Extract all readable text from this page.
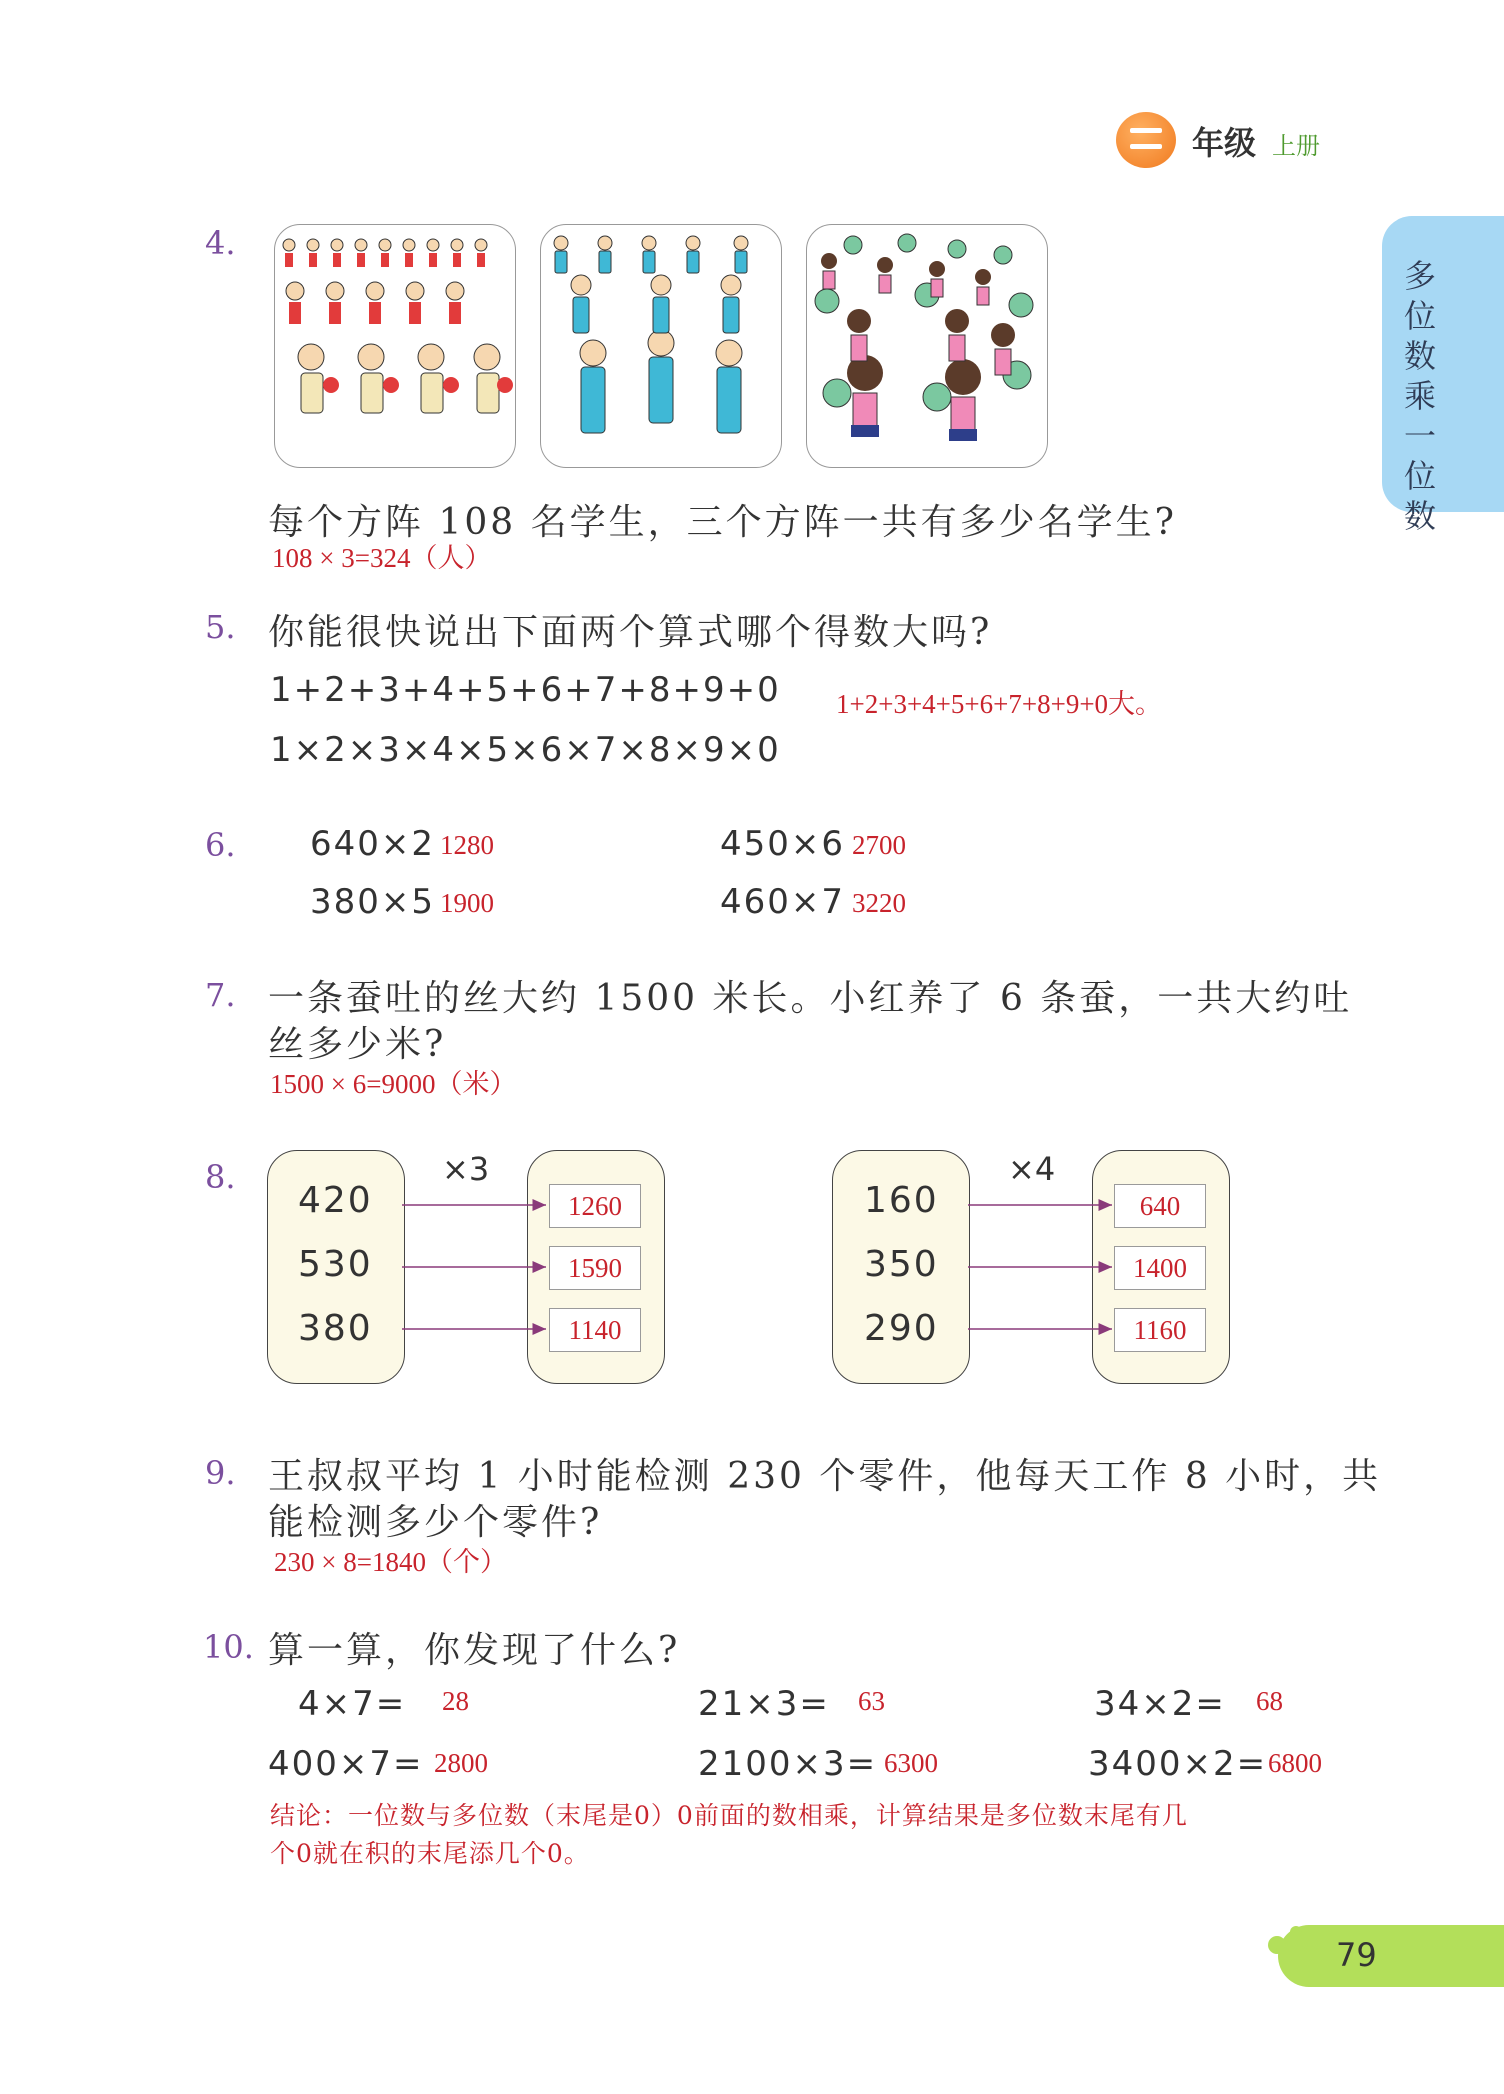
年级 上册
多位数乘一位数
4.
每个方阵 108 名学生，三个方阵一共有多少名学生?
108 × 3=324（人）
5. 你能很快说出下面两个算式哪个得数大吗?
1+2+3+4+5+6+7+8+9+0 1+2+3+4+5+6+7+8+9+0大。
1×2×3×4×5×6×7×8×9×0
6. 640×2 1280	450×6 2700
380×5 1900	460×7 3220
7. 一条蚕吐的丝大约 1500 米长。小红养了 6 条蚕，一共大约吐
丝多少米?
1500 × 6=9000（米）
8.	×3
420
530
380
1260
1590
1140
×4
160
350
290
640
1400
1160
9. 王叔叔平均 1 小时能检测 230 个零件，他每天工作 8 小时，共
能检测多少个零件?
230 × 8=1840（个）
10. 算一算，你发现了什么?
4×7= 28	21×3= 63	34×2= 68
400×7= 2800	2100×3= 6300	3400×2= 6800
结论：一位数与多位数（末尾是0）0前面的数相乘，计算结果是多位数末尾有几
个0就在积的末尾添几个0。
79
